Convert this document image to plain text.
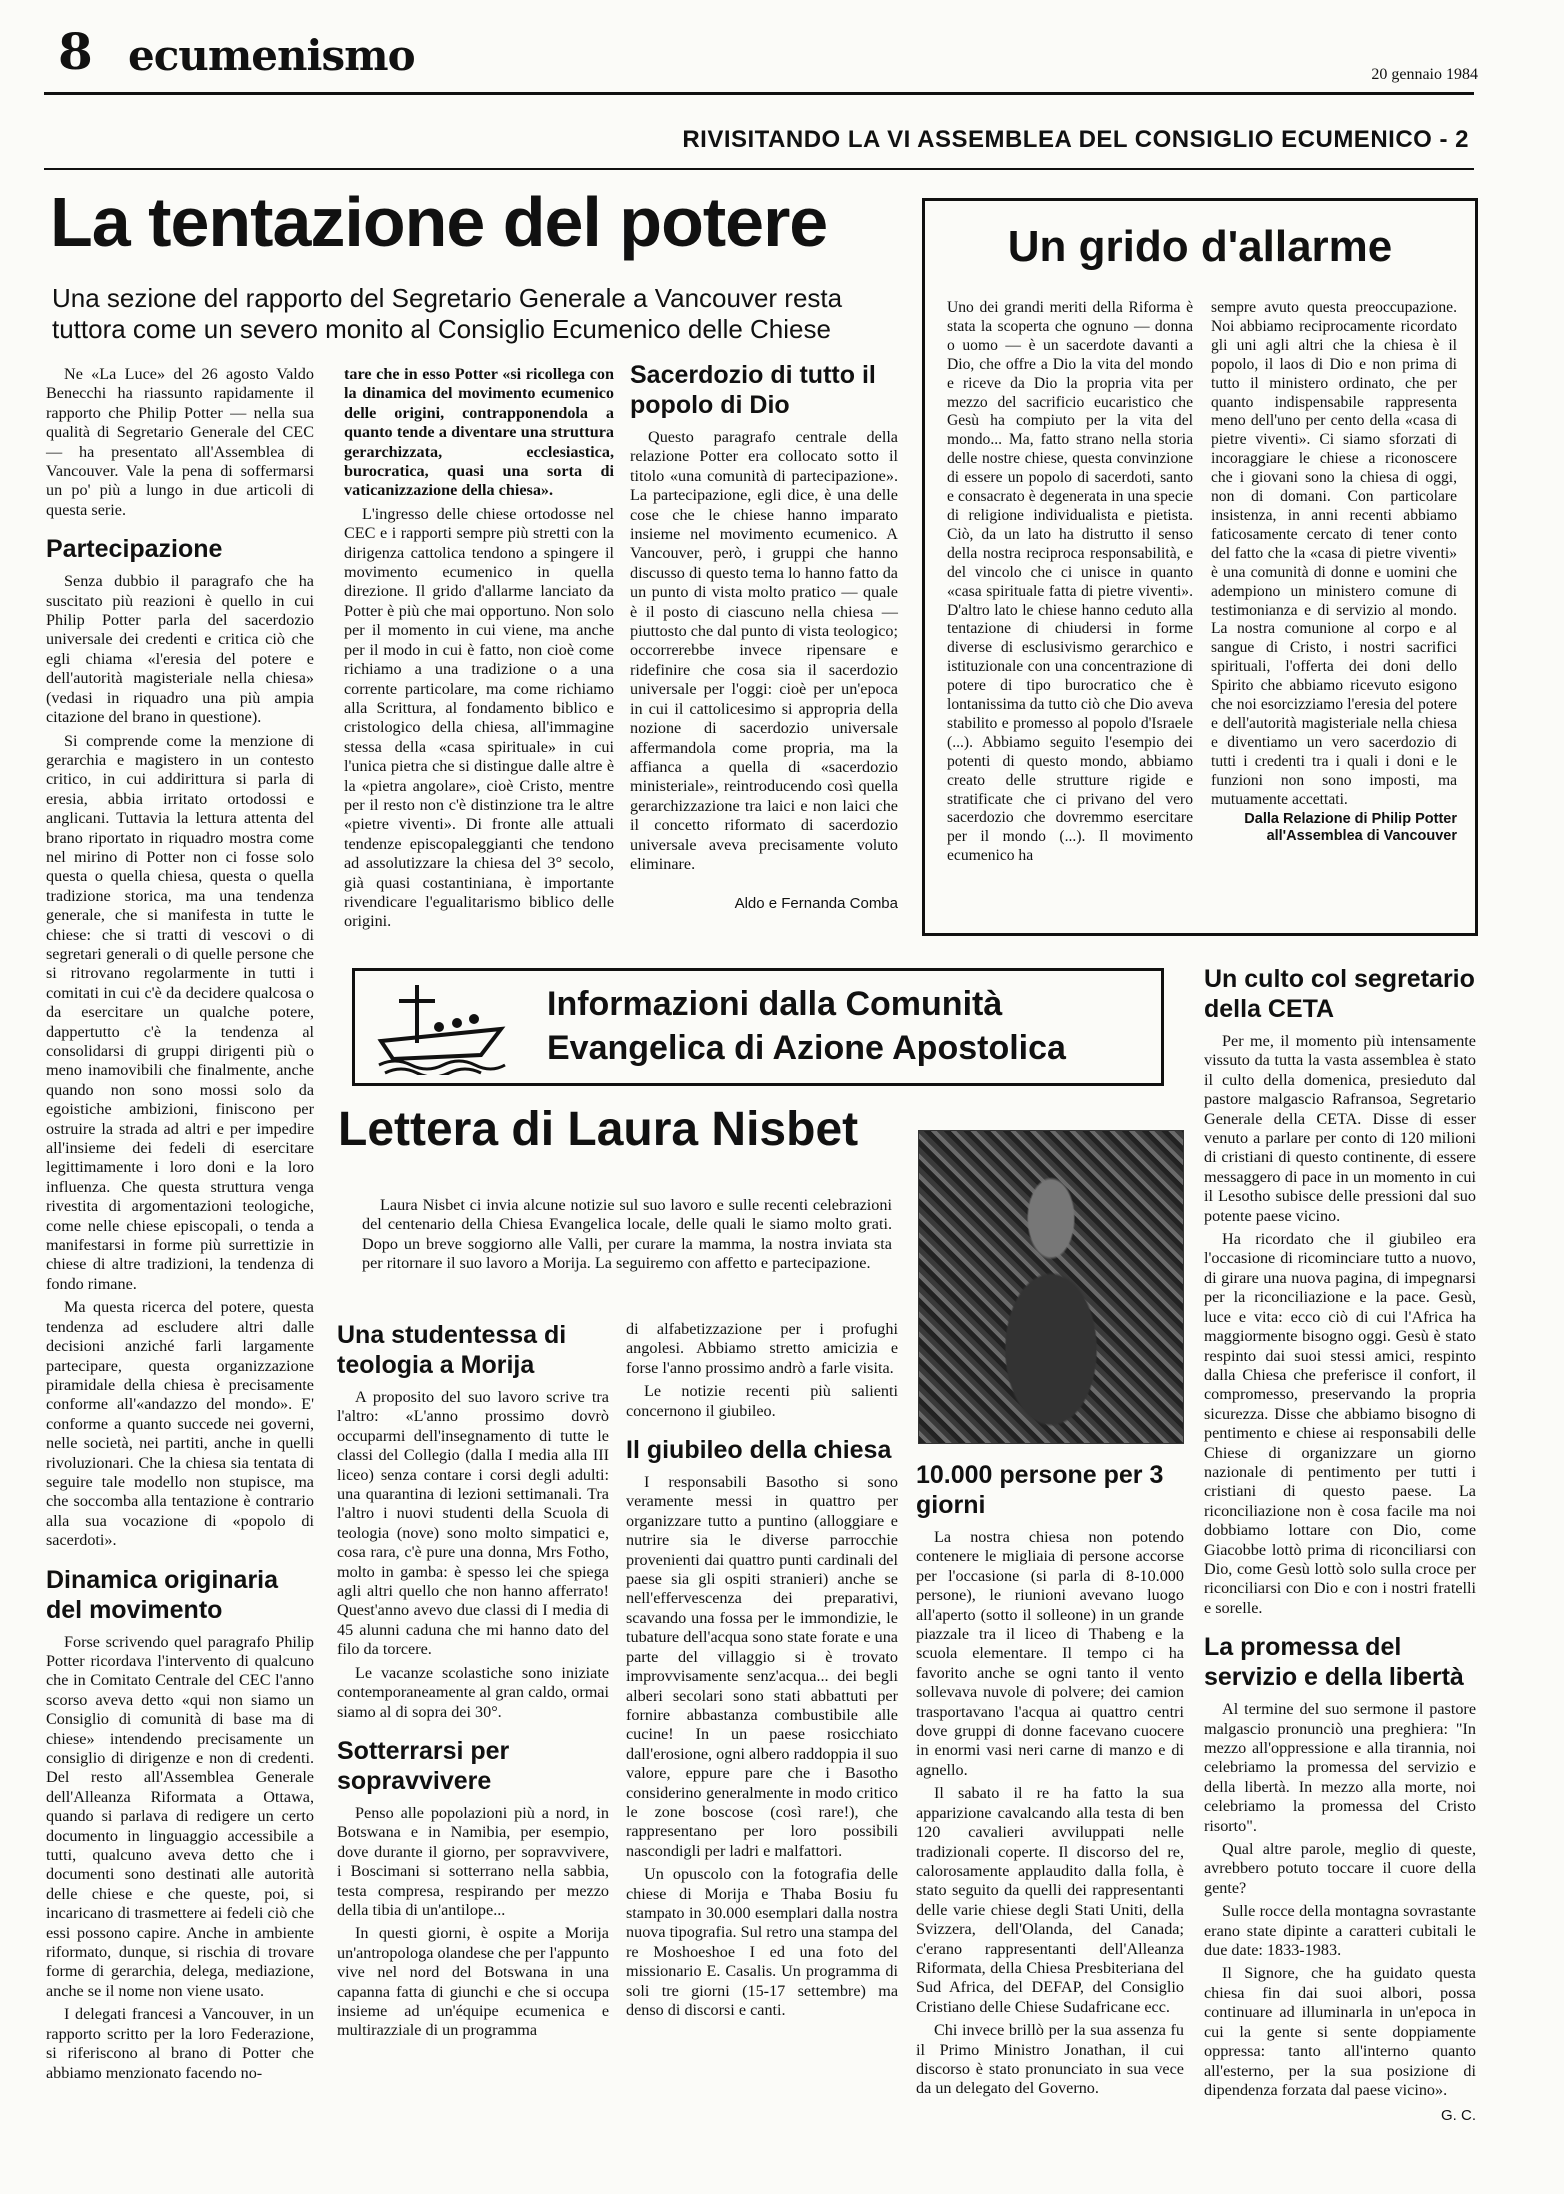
8 ecumenismo	20 gennaio 1984
RIVISITANDO LA VI ASSEMBLEA DEL CONSIGLIO ECUMENICO - 2
La tentazione del potere
Una sezione del rapporto del Segretario Generale a Vancouver resta tuttora come un severo monito al Consiglio Ecumenico delle Chiese

Ne «La Luce» del 26 agosto Valdo Benecchi ha riassunto rapidamente il rapporto che Philip Potter — nella sua qualità di Segretario Generale del CEC — ha presentato all'Assemblea di Vancouver. Vale la pena di soffermarsi un po' più a lungo in due articoli di questa serie.

Partecipazione

Senza dubbio il paragrafo che ha suscitato più reazioni è quello in cui Philip Potter parla del sacerdozio universale dei credenti e critica ciò che egli chiama «l'eresia del potere e dell'autorità magisteriale nella chiesa» (vedasi in riquadro una più ampia citazione del brano in questione).

Si comprende come la menzione di gerarchia e magistero in un contesto critico, in cui addirittura si parla di eresia, abbia irritato ortodossi e anglicani. Tuttavia la lettura attenta del brano riportato in riquadro mostra come nel mirino di Potter non ci fosse solo questa o quella chiesa, questa o quella tradizione storica, ma una tendenza generale, che si manifesta in tutte le chiese: che si tratti di vescovi o di segretari generali o di quelle persone che si ritrovano regolarmente in tutti i comitati in cui c'è da decidere qualcosa o da esercitare un qualche potere, dappertutto c'è la tendenza al consolidarsi di gruppi dirigenti più o meno inamovibili che finalmente, anche quando non sono mossi solo da egoistiche ambizioni, finiscono per ostruire la strada ad altri e per impedire all'insieme dei fedeli di esercitare legittimamente i loro doni e la loro influenza. Che questa struttura venga rivestita di argomentazioni teologiche, come nelle chiese episcopali, o tenda a manifestarsi in forme più surrettizie in chiese di altre tradizioni, la tendenza di fondo rimane.

Ma questa ricerca del potere, questa tendenza ad escludere altri dalle decisioni anziché farli largamente partecipare, questa organizzazione piramidale della chiesa è precisamente conforme all'«andazzo del mondo». E' conforme a quanto succede nei governi, nelle società, nei partiti, anche in quelli rivoluzionari. Che la chiesa sia tentata di seguire tale modello non stupisce, ma che soccomba alla tentazione è contrario alla sua vocazione di «popolo di sacerdoti».

Dinamica originaria del movimento

Forse scrivendo quel paragrafo Philip Potter ricordava l'intervento di qualcuno che in Comitato Centrale del CEC l'anno scorso aveva detto «qui non siamo un Consiglio di comunità di base ma di chiese» intendendo precisamente un consiglio di dirigenze e non di credenti. Del resto all'Assemblea Generale dell'Alleanza Riformata a Ottawa, quando si parlava di redigere un certo documento in linguaggio accessibile a tutti, qualcuno aveva detto che i documenti sono destinati alle autorità delle chiese e che queste, poi, si incaricano di trasmettere ai fedeli ciò che essi possono capire. Anche in ambiente riformato, dunque, si rischia di trovare forme di gerarchia, delega, mediazione, anche se il nome non viene usato.

I delegati francesi a Vancouver, in un rapporto scritto per la loro Federazione, si riferiscono al brano di Potter che abbiamo menzionato facendo no-

tare che in esso Potter «si ricollega con la dinamica del movimento ecumenico delle origini, contrapponendola a quanto tende a diventare una struttura gerarchizzata, ecclesiastica, burocratica, quasi una sorta di vaticanizzazione della chiesa».

L'ingresso delle chiese ortodosse nel CEC e i rapporti sempre più stretti con la dirigenza cattolica tendono a spingere il movimento ecumenico in quella direzione. Il grido d'allarme lanciato da Potter è più che mai opportuno. Non solo per il momento in cui viene, ma anche per il modo in cui è fatto, non cioè come richiamo a una tradizione o a una corrente particolare, ma come richiamo alla Scrittura, al fondamento biblico e cristologico della chiesa, all'immagine stessa della «casa spirituale» in cui l'unica pietra che si distingue dalle altre è la «pietra angolare», cioè Cristo, mentre per il resto non c'è distinzione tra le altre «pietre viventi». Di fronte alle attuali tendenze episcopaleggianti che tendono ad assolutizzare la chiesa del 3° secolo, già quasi costantiniana, è importante rivendicare l'egualitarismo biblico delle origini.

Sacerdozio di tutto il popolo di Dio

Questo paragrafo centrale della relazione Potter era collocato sotto il titolo «una comunità di partecipazione». La partecipazione, egli dice, è una delle cose che le chiese hanno imparato insieme nel movimento ecumenico. A Vancouver, però, i gruppi che hanno discusso di questo tema lo hanno fatto da un punto di vista molto pratico — quale è il posto di ciascuno nella chiesa — piuttosto che dal punto di vista teologico; occorrerebbe invece ripensare e ridefinire che cosa sia il sacerdozio universale per l'oggi: cioè per un'epoca in cui il cattolicesimo si appropria della nozione di sacerdozio universale affermandola come propria, ma la affianca a quella di «sacerdozio ministeriale», reintroducendo così quella gerarchizzazione tra laici e non laici che il concetto riformato di sacerdozio universale aveva precisamente voluto eliminare.

Aldo e Fernanda Comba
Un grido d'allarme
Uno dei grandi meriti della Riforma è stata la scoperta che ognuno — donna o uomo — è un sacerdote davanti a Dio, che offre a Dio la vita del mondo e riceve da Dio la propria vita per mezzo del sacrificio eucaristico che Gesù ha compiuto per la vita del mondo... Ma, fatto strano nella storia delle nostre chiese, questa convinzione di essere un popolo di sacerdoti, santo e consacrato è degenerata in una specie di religione individualista e pietista. Ciò, da un lato ha distrutto il senso della nostra reciproca responsabilità, e del vincolo che ci unisce in quanto «casa spirituale fatta di pietre viventi». D'altro lato le chiese hanno ceduto alla tentazione di chiudersi in forme diverse di esclusivismo gerarchico e istituzionale con una concentrazione di potere di tipo burocratico che è lontanissima da tutto ciò che Dio aveva stabilito e promesso al popolo d'Israele (...). Abbiamo seguito l'esempio dei potenti di questo mondo, abbiamo creato delle strutture rigide e stratificate che ci privano del vero sacerdozio che dovremmo esercitare per il mondo (...). Il movimento ecumenico ha
sempre avuto questa preoccupazione. Noi abbiamo reciprocamente ricordato gli uni agli altri che la chiesa è il popolo, il laos di Dio e non prima di tutto il ministero ordinato, che per quanto indispensabile rappresenta meno dell'uno per cento della «casa di pietre viventi». Ci siamo sforzati di incoraggiare le chiese a riconoscere che i giovani sono la chiesa di oggi, non di domani. Con particolare insistenza, in anni recenti abbiamo faticosamente cercato di tener conto del fatto che la «casa di pietre viventi» è una comunità di donne e uomini che adempiono un ministero comune di testimonianza e di servizio al mondo. La nostra comunione al corpo e al sangue di Cristo, i nostri sacrifici spirituali, l'offerta dei doni dello Spirito che abbiamo ricevuto esigono che noi esorcizziamo l'eresia del potere e dell'autorità magisteriale nella chiesa e diventiamo un vero sacerdozio di tutti i credenti tra i quali i doni e le funzioni non sono imposti, ma mutuamente accettati.
Dalla Relazione di Philip Potter all'Assemblea di Vancouver
Informazioni dalla Comunità
Evangelica di Azione Apostolica
Lettera di Laura Nisbet
Laura Nisbet ci invia alcune notizie sul suo lavoro e sulle recenti celebrazioni del centenario della Chiesa Evangelica locale, delle quali le siamo molto grati. Dopo un breve soggiorno alle Valli, per curare la mamma, la nostra inviata sta per ritornare il suo lavoro a Morija. La seguiremo con affetto e partecipazione.
Una studentessa di teologia a Morija

A proposito del suo lavoro scrive tra l'altro: «L'anno prossimo dovrò occuparmi dell'insegnamento di tutte le classi del Collegio (dalla I media alla III liceo) senza contare i corsi degli adulti: una quarantina di lezioni settimanali. Tra l'altro i nuovi studenti della Scuola di teologia (nove) sono molto simpatici e, cosa rara, c'è pure una donna, Mrs Fotho, molto in gamba: è spesso lei che spiega agli altri quello che non hanno afferrato! Quest'anno avevo due classi di I media di 45 alunni caduna che mi hanno dato del filo da torcere.

Le vacanze scolastiche sono iniziate contemporaneamente al gran caldo, ormai siamo al di sopra dei 30°.

Sotterrarsi per sopravvivere

Penso alle popolazioni più a nord, in Botswana e in Namibia, per esempio, dove durante il giorno, per sopravvivere, i Boscimani si sotterrano nella sabbia, testa compresa, respirando per mezzo della tibia di un'antilope...

In questi giorni, è ospite a Morija un'antropologa olandese che per l'appunto vive nel nord del Botswana in una capanna fatta di giunchi e che si occupa insieme ad un'équipe ecumenica e multirazziale di un programma

di alfabetizzazione per i profughi angolesi. Abbiamo stretto amicizia e forse l'anno prossimo andrò a farle visita.

Le notizie recenti più salienti concernono il giubileo.

Il giubileo della chiesa

I responsabili Basotho si sono veramente messi in quattro per organizzare tutto a puntino (alloggiare e nutrire sia le diverse parrocchie provenienti dai quattro punti cardinali del paese sia gli ospiti stranieri) anche se nell'effervescenza dei preparativi, scavando una fossa per le immondizie, le tubature dell'acqua sono state forate e una parte del villaggio si è trovato improvvisamente senz'acqua... dei begli alberi secolari sono stati abbattuti per fornire abbastanza combustibile alle cucine! In un paese rosicchiato dall'erosione, ogni albero raddoppia il suo valore, eppure pare che i Basotho considerino generalmente in modo critico le zone boscose (così rare!), che rappresentano per loro possibili nascondigli per ladri e malfattori.

Un opuscolo con la fotografia delle chiese di Morija e Thaba Bosiu fu stampato in 30.000 esemplari dalla nostra nuova tipografia. Sul retro una stampa del re Moshoeshoe I ed una foto del missionario E. Casalis. Un programma di soli tre giorni (15-17 settembre) ma denso di discorsi e canti.

10.000 persone per 3 giorni

La nostra chiesa non potendo contenere le migliaia di persone accorse per l'occasione (si parla di 8-10.000 persone), le riunioni avevano luogo all'aperto (sotto il solleone) in un grande piazzale tra il liceo di Thabeng e la scuola elementare. Il tempo ci ha favorito anche se ogni tanto il vento sollevava nuvole di polvere; dei camion trasportavano l'acqua ai quattro centri dove gruppi di donne facevano cuocere in enormi vasi neri carne di manzo e di agnello.

Il sabato il re ha fatto la sua apparizione cavalcando alla testa di ben 120 cavalieri avviluppati nelle tradizionali coperte. Il discorso del re, calorosamente applaudito dalla folla, è stato seguito da quelli dei rappresentanti delle varie chiese degli Stati Uniti, della Svizzera, dell'Olanda, del Canada; c'erano rappresentanti dell'Alleanza Riformata, della Chiesa Presbiteriana del Sud Africa, del DEFAP, del Consiglio Cristiano delle Chiese Sudafricane ecc.

Chi invece brillò per la sua assenza fu il Primo Ministro Jonathan, il cui discorso è stato pronunciato in sua vece da un delegato del Governo.

Un culto col segretario della CETA

Per me, il momento più intensamente vissuto da tutta la vasta assemblea è stato il culto della domenica, presieduto dal pastore malgascio Rafransoa, Segretario Generale della CETA. Disse di esser venuto a parlare per conto di 120 milioni di cristiani di questo continente, di essere messaggero di pace in un momento in cui il Lesotho subisce delle pressioni dal suo potente paese vicino.

Ha ricordato che il giubileo era l'occasione di ricominciare tutto a nuovo, di girare una nuova pagina, di impegnarsi per la riconciliazione e la pace. Gesù, luce e vita: ecco ciò di cui l'Africa ha maggiormente bisogno oggi. Gesù è stato respinto dai suoi stessi amici, respinto dalla Chiesa che preferisce il confort, il compromesso, preservando la propria sicurezza. Disse che abbiamo bisogno di pentimento e chiese ai responsabili delle Chiese di organizzare un giorno nazionale di pentimento per tutti i cristiani di questo paese. La riconciliazione non è cosa facile ma noi dobbiamo lottare con Dio, come Giacobbe lottò prima di riconciliarsi con Dio, come Gesù lottò solo sulla croce per riconciliarsi con Dio e con i nostri fratelli e sorelle.

La promessa del servizio e della libertà

Al termine del suo sermone il pastore malgascio pronunciò una preghiera: "In mezzo all'oppressione e alla tirannia, noi celebriamo la promessa del servizio e della libertà. In mezzo alla morte, noi celebriamo la promessa del Cristo risorto".

Qual altre parole, meglio di queste, avrebbero potuto toccare il cuore della gente?

Sulle rocce della montagna sovrastante erano state dipinte a caratteri cubitali le due date: 1833-1983.

Il Signore, che ha guidato questa chiesa fin dai suoi albori, possa continuare ad illuminarla in un'epoca in cui la gente si sente doppiamente oppressa: tanto all'interno quanto all'esterno, per la sua posizione di dipendenza forzata dal paese vicino».

G. C.
